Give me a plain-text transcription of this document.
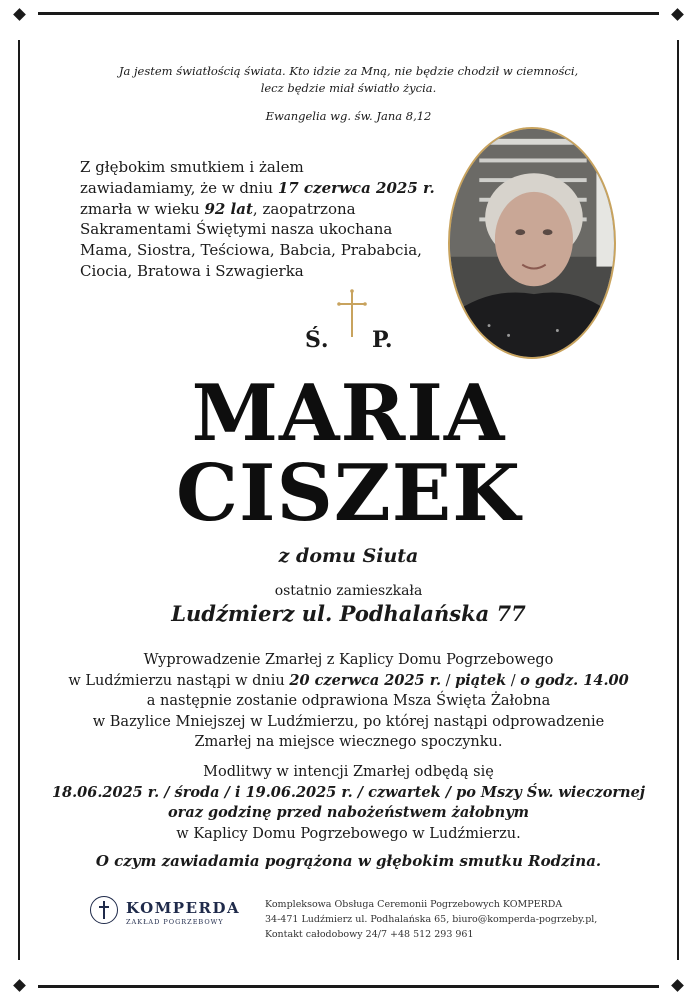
Ja jestem światłością świata. Kto idzie za Mną, nie będzie chodził w ciemności,
lecz będzie miał światło życia.
Ewangelia wg. św. Jana 8,12
Z głębokim smutkiem i żalem
zawiadamiamy, że w dniu 17 czerwca 2025 r.
zmarła w wieku 92 lat, zaopatrzona
Sakramentami Świętymi nasza ukochana
Mama, Siostra, Teściowa, Babcia, Prababcia,
Ciocia, Bratowa i Szwagierka
Ś. P.
MARIA
CISZEK
z domu Siuta
ostatnio zamieszkała
Ludźmierz ul. Podhalańska 77
Wyprowadzenie Zmarłej z Kaplicy Domu Pogrzebowego
w Ludźmierzu nastąpi w dniu 20 czerwca 2025 r. / piątek / o godz. 14.00
a następnie zostanie odprawiona Msza Święta Żałobna
w Bazylice Mniejszej w Ludźmierzu, po której nastąpi odprowadzenie
Zmarłej na miejsce wiecznego spoczynku.
Modlitwy w intencji Zmarłej odbędą się
18.06.2025 r. / środa / i 19.06.2025 r. / czwartek / po Mszy Św. wieczornej
oraz godzinę przed nabożeństwem żałobnym
w Kaplicy Domu Pogrzebowego w Ludźmierzu.
O czym zawiadamia pogrążona w głębokim smutku Rodzina.
KOMPERDA
ZAKŁAD POGRZEBOWY
Kompleksowa Obsługa Ceremonii Pogrzebowych KOMPERDA
34-471 Ludźmierz ul. Podhalańska 65, biuro@komperda-pogrzeby.pl,
Kontakt całodobowy 24/7 +48 512 293 961
